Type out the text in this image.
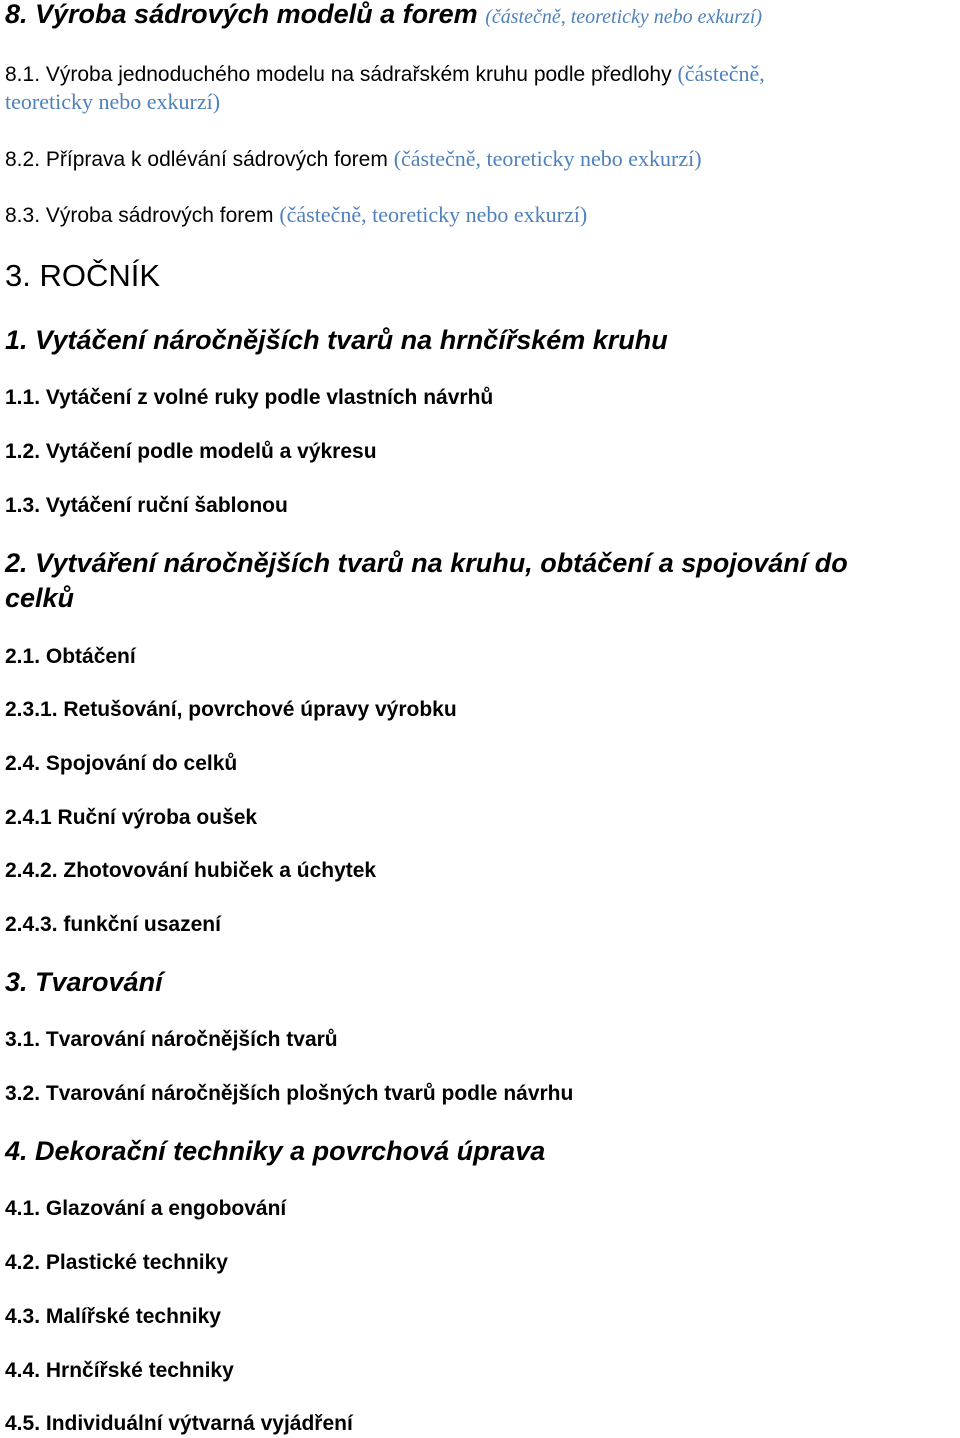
8. Výroba sádrových modelů a forem (částečně, teoreticky nebo exkurzí)

8.1. Výroba jednoduchého modelu na sádrařském kruhu podle předlohy (částečně,

teoreticky nebo exkurzí)

8.2. Příprava k odlévání sádrových forem (částečně, teoreticky nebo exkurzí)

8.3. Výroba sádrových forem (částečně, teoreticky nebo exkurzí)

3. ROČNÍK

1. Vytáčení náročnějších tvarů na hrnčířském kruhu

1.1. Vytáčení z volné ruky podle vlastních návrhů

1.2. Vytáčení podle modelů a výkresu

1.3. Vytáčení ruční šablonou

2. Vytváření náročnějších tvarů na kruhu, obtáčení a spojování do

celků

2.1. Obtáčení

2.3.1. Retušování, povrchové úpravy výrobku

2.4. Spojování do celků

2.4.1 Ruční výroba oušek

2.4.2. Zhotovování hubiček a úchytek

2.4.3. funkční usazení

3. Tvarování

3.1. Tvarování náročnějších tvarů

3.2. Tvarování náročnějších plošných tvarů podle návrhu

4. Dekorační techniky a povrchová úprava

4.1. Glazování a engobování

4.2. Plastické techniky

4.3. Malířské techniky

4.4. Hrnčířské techniky

4.5. Individuální výtvarná vyjádření
